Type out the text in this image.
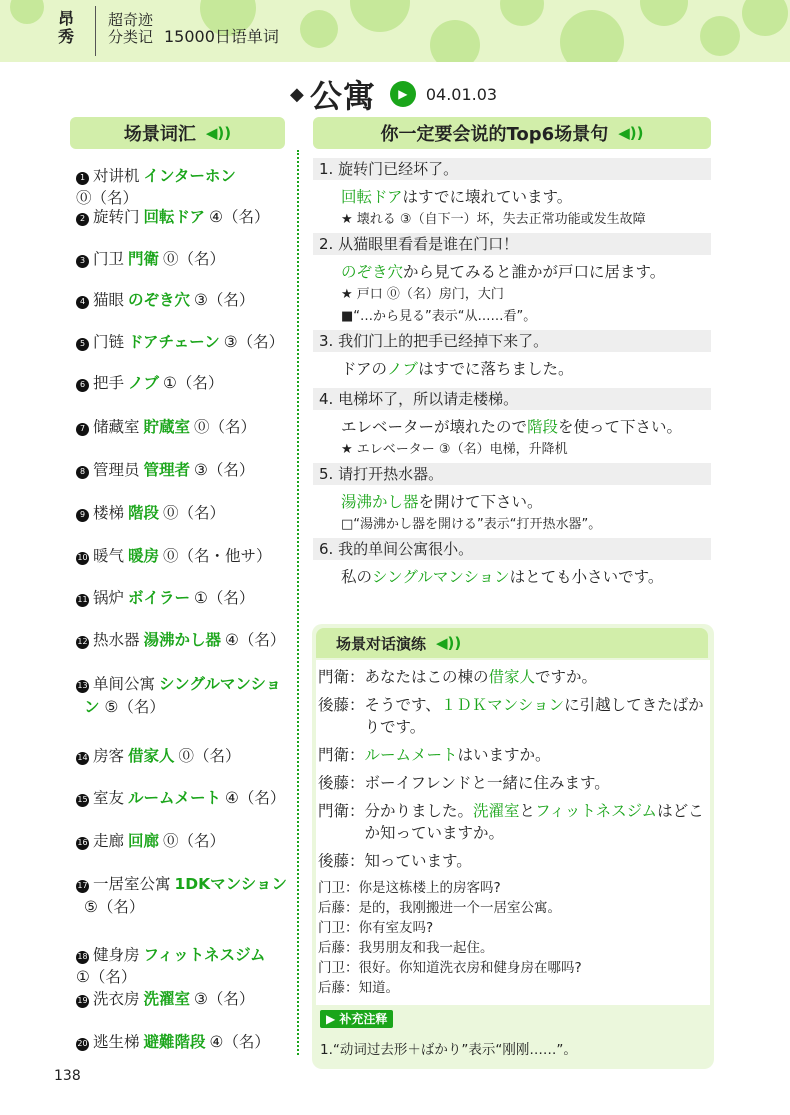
昂秀
超奇迹
分类记 15000日语单词
◆ 公寓	▶	04.01.03
场景词汇 ◀))	你一定要会说的Top6场景句 ◀))
1 对讲机 インターホン
⓪（名）
2 旋转门 回転ドア ④（名）
3 门卫 門衛 ⓪（名）
4 猫眼 のぞき穴 ③（名）
5 门链 ドアチェーン ③（名）
6 把手 ノブ ①（名）
7 储藏室 貯蔵室 ⓪（名）
8 管理员 管理者 ③（名）
9 楼梯 階段 ⓪（名）
10 暖气 暖房 ⓪（名・他サ）
11 锅炉 ボイラー ①（名）
12 热水器 湯沸かし器 ④（名）
13 单间公寓 シングルマンショ
ン ⑤（名）
14 房客 借家人 ⓪（名）
15 室友 ルームメート ④（名）
16 走廊 回廊 ⓪（名）
17 一居室公寓 1DKマンション
⑤（名）
18 健身房 フィットネスジム
①（名）
19 洗衣房 洗濯室 ③（名）
20 逃生梯 避難階段 ④（名）
1. 旋转门已经坏了。
回転ドアはすでに壊れています。
★ 壊れる ③（自下一）坏，失去正常功能或发生故障
2. 从猫眼里看看是谁在门口！
のぞき穴から見てみると誰かが戸口に居ます。
★ 戸口 ⓪（名）房门，大门
■“…から見る”表示“从……看”。
3. 我们门上的把手已经掉下来了。
ドアのノブはすでに落ちました。
4. 电梯坏了，所以请走楼梯。
エレベーターが壊れたので階段を使って下さい。
★ エレベーター ③（名）电梯，升降机
5. 请打开热水器。
湯沸かし器を開けて下さい。
□“湯沸かし器を開ける”表示“打开热水器”。
6. 我的单间公寓很小。
私のシングルマンションはとても小さいです。
场景对话演练 ◀))
門衛： あなたはこの棟の借家人ですか。
後藤： そうです、１ＤＫマンションに引越してきたばかりです。
門衛： ルームメートはいますか。
後藤： ボーイフレンドと一緒に住みます。
門衛： 分かりました。洗濯室とフィットネスジムはどこか知っていますか。
後藤： 知っています。
门卫：你是这栋楼上的房客吗?
后藤：是的，我刚搬进一个一居室公寓。
门卫：你有室友吗?
后藤：我男朋友和我一起住。
门卫：很好。你知道洗衣房和健身房在哪吗?
后藤：知道。
▶ 补充注释
1.“动词过去形＋ばかり”表示“刚刚……”。
138
